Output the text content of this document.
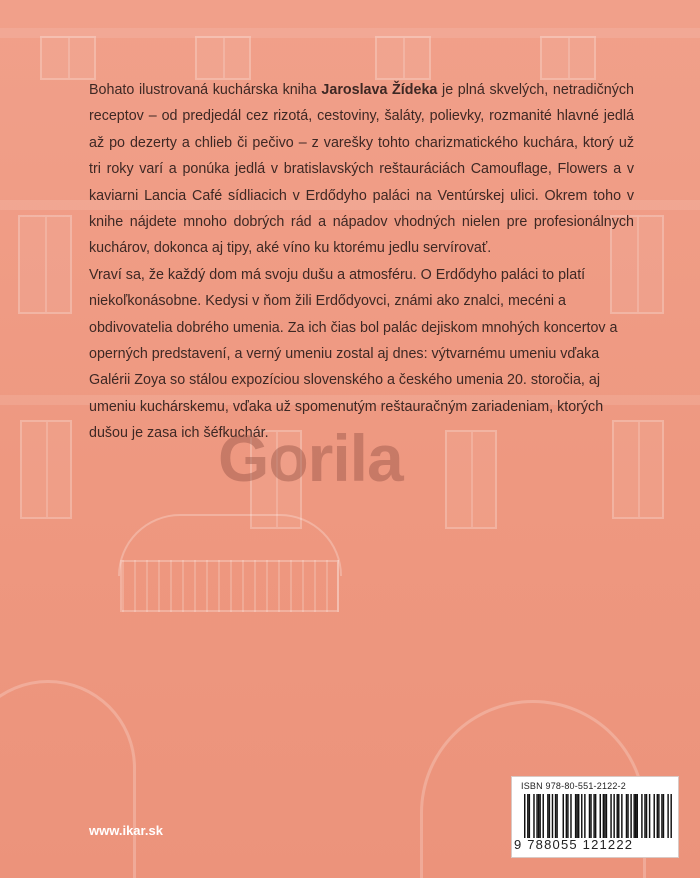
Bohato ilustrovaná kuchárska kniha Jaroslava Žídeka je plná skvelých, netradičných receptov – od predjedál cez rizotá, cestoviny, šaláty, polievky, rozmanité hlavné jedlá až po dezerty a chlieb či pečivo – z varešky tohto charizmatického kuchára, ktorý už tri roky varí a ponúka jedlá v bratislavských reštauráciách Camouflage, Flowers a v kaviarni Lancia Café sídliacich v Erdődyho paláci na Ventúrskej ulici. Okrem toho v knihe nájdete mnoho dobrých rád a nápadov vhodných nielen pre profesionálnych kuchárov, dokonca aj tipy, aké víno ku ktorému jedlu servírovať.

Vraví sa, že každý dom má svoju dušu a atmosféru. O Erdődyho paláci to platí niekoľkonásobne. Kedysi v ňom žili Erdődyovci, známi ako znalci, mecéni a obdivovatelia dobrého umenia. Za ich čias bol palác dejiskom mnohých koncertov a operných predstavení, a verný umeniu zostal aj dnes: výtvarnému umeniu vďaka Galérii Zoya so stálou expozíciou slovenského a českého umenia 20. storočia, aj umeniu kuchárskemu, vďaka už spomenutým reštauračným zariadeniam, ktorých dušou je zasa ich šéfkuchár.

Gorila
www.ikar.sk
ISBN 978-80-551-2122-2
9 788055 121222
